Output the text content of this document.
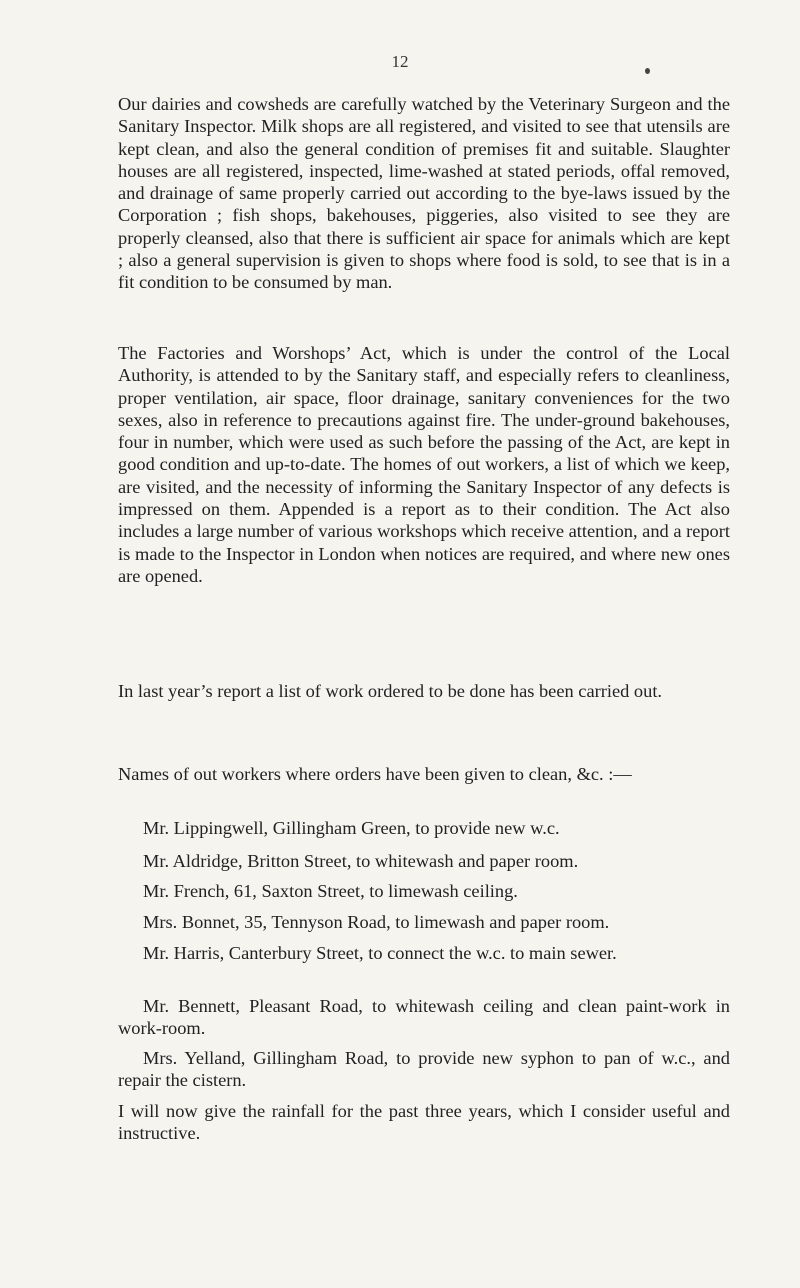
12

Our dairies and cowsheds are carefully watched by the Veterinary Surgeon and the Sanitary Inspector. Milk shops are all registered, and visited to see that utensils are kept clean, and also the general condition of premises fit and suitable. Slaughter houses are all registered, inspected, lime-washed at stated periods, offal removed, and drainage of same properly carried out according to the bye-laws issued by the Corporation ; fish shops, bakehouses, piggeries, also visited to see they are properly cleansed, also that there is sufficient air space for animals which are kept ; also a general supervision is given to shops where food is sold, to see that is in a fit condition to be consumed by man.

The Factories and Worshops’ Act, which is under the control of the Local Authority, is attended to by the Sanitary staff, and especially refers to cleanliness, proper ventilation, air space, floor drainage, sanitary conveniences for the two sexes, also in reference to precautions against fire. The under-ground bakehouses, four in number, which were used as such before the passing of the Act, are kept in good condition and up-to-date. The homes of out workers, a list of which we keep, are visited, and the necessity of informing the Sanitary Inspector of any defects is impressed on them. Appended is a report as to their condition. The Act also includes a large number of various workshops which receive attention, and a report is made to the Inspector in London when notices are required, and where new ones are opened.

In last year’s report a list of work ordered to be done has been carried out.

Names of out workers where orders have been given to clean, &c. :—

Mr. Lippingwell, Gillingham Green, to provide new w.c.

Mr. Aldridge, Britton Street, to whitewash and paper room.

Mr. French, 61, Saxton Street, to limewash ceiling.

Mrs. Bonnet, 35, Tennyson Road, to limewash and paper room.

Mr. Harris, Canterbury Street, to connect the w.c. to main sewer.

Mr. Bennett, Pleasant Road, to whitewash ceiling and clean paint-work in work-room.

Mrs. Yelland, Gillingham Road, to provide new syphon to pan of w.c., and repair the cistern.

I will now give the rainfall for the past three years, which I consider useful and instructive.
